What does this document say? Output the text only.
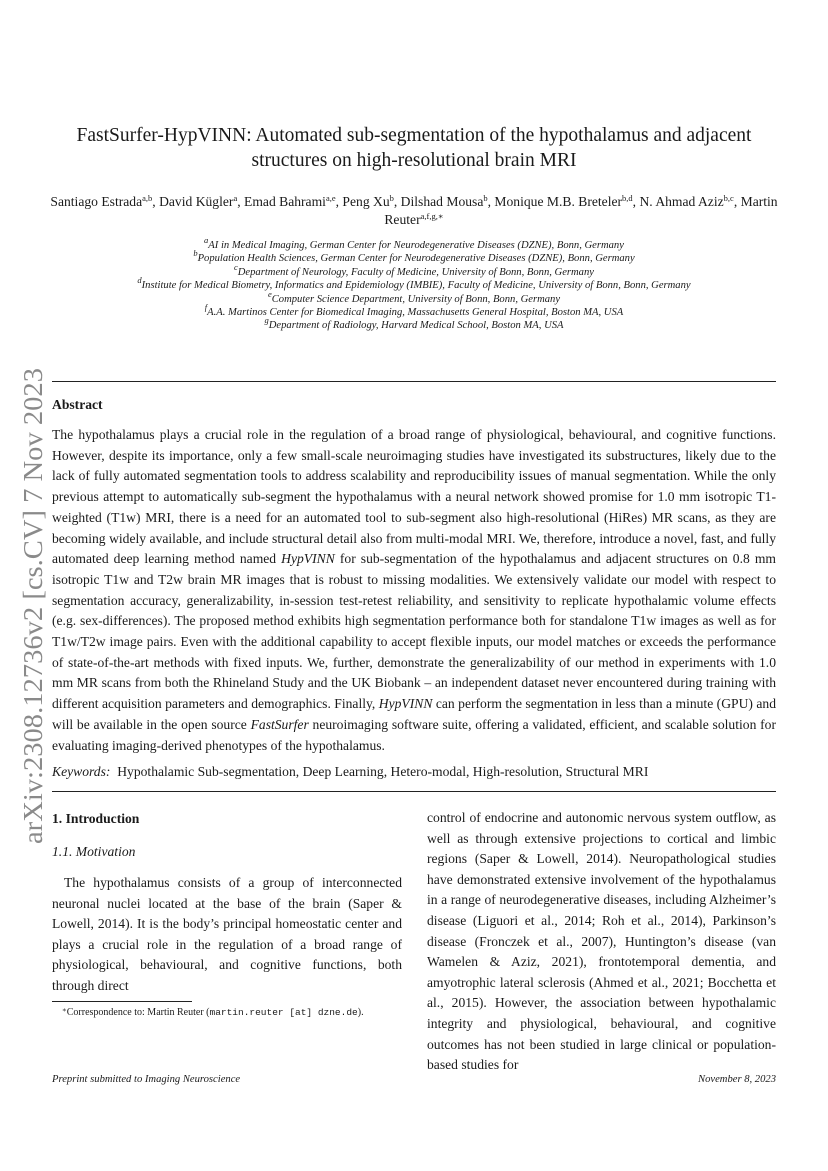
arXiv:2308.12736v2 [cs.CV] 7 Nov 2023
FastSurfer-HypVINN: Automated sub-segmentation of the hypothalamus and adjacent structures on high-resolutional brain MRI
Santiago Estrada$^{a,b}$, David Kügler$^a$, Emad Bahrami$^{a,e}$, Peng Xu$^b$, Dilshad Mousa$^b$, Monique M.B. Breteler$^{b,d}$, N. Ahmad Aziz$^{b,c}$, Martin Reuter$^{a,f,g,∗}$
$^a$AI in Medical Imaging, German Center for Neurodegenerative Diseases (DZNE), Bonn, Germany
$^b$Population Health Sciences, German Center for Neurodegenerative Diseases (DZNE), Bonn, Germany
$^c$Department of Neurology, Faculty of Medicine, University of Bonn, Bonn, Germany
$^d$Institute for Medical Biometry, Informatics and Epidemiology (IMBIE), Faculty of Medicine, University of Bonn, Bonn, Germany
$^e$Computer Science Department, University of Bonn, Bonn, Germany
$^f$A.A. Martinos Center for Biomedical Imaging, Massachusetts General Hospital, Boston MA, USA
$^g$Department of Radiology, Harvard Medical School, Boston MA, USA
Abstract
The hypothalamus plays a crucial role in the regulation of a broad range of physiological, behavioural, and cognitive functions. However, despite its importance, only a few small-scale neuroimaging studies have investigated its substructures, likely due to the lack of fully automated segmentation tools to address scalability and reproducibility issues of manual segmentation. While the only previous attempt to automatically sub-segment the hypothalamus with a neural network showed promise for 1.0 mm isotropic T1-weighted (T1w) MRI, there is a need for an automated tool to sub-segment also high-resolutional (HiRes) MR scans, as they are becoming widely available, and include structural detail also from multi-modal MRI. We, therefore, introduce a novel, fast, and fully automated deep learning method named HypVINN for sub-segmentation of the hypothalamus and adjacent structures on 0.8 mm isotropic T1w and T2w brain MR images that is robust to missing modalities. We extensively validate our model with respect to segmentation accuracy, generalizability, in-session test-retest reliability, and sensitivity to replicate hypothalamic volume effects (e.g. sex-differences). The proposed method exhibits high segmentation performance both for standalone T1w images as well as for T1w/T2w image pairs. Even with the additional capability to accept flexible inputs, our model matches or exceeds the performance of state-of-the-art methods with fixed inputs. We, further, demonstrate the generalizability of our method in experiments with 1.0 mm MR scans from both the Rhineland Study and the UK Biobank – an independent dataset never encountered during training with different acquisition parameters and demographics. Finally, HypVINN can perform the segmentation in less than a minute (GPU) and will be available in the open source FastSurfer neuroimaging software suite, offering a validated, efficient, and scalable solution for evaluating imaging-derived phenotypes of the hypothalamus.
Keywords: Hypothalamic Sub-segmentation, Deep Learning, Hetero-modal, High-resolution, Structural MRI
1. Introduction
1.1. Motivation
The hypothalamus consists of a group of interconnected neuronal nuclei located at the base of the brain (Saper & Lowell, 2014). It is the body’s principal homeostatic center and plays a crucial role in the regulation of a broad range of physiological, behavioural, and cognitive functions, both through direct
∗Correspondence to: Martin Reuter (martin.reuter [at] dzne.de).
control of endocrine and autonomic nervous system outflow, as well as through extensive projections to cortical and limbic regions (Saper & Lowell, 2014). Neuropathological studies have demonstrated extensive involvement of the hypothalamus in a range of neurodegenerative diseases, including Alzheimer’s disease (Liguori et al., 2014; Roh et al., 2014), Parkinson’s disease (Fronczek et al., 2007), Huntington’s disease (van Wamelen & Aziz, 2021), frontotemporal dementia, and amyotrophic lateral sclerosis (Ahmed et al., 2021; Bocchetta et al., 2015). However, the association between hypothalamic integrity and physiological, behavioural, and cognitive outcomes has not been studied in large clinical or population-based studies for
Preprint submitted to Imaging Neuroscience	November 8, 2023
